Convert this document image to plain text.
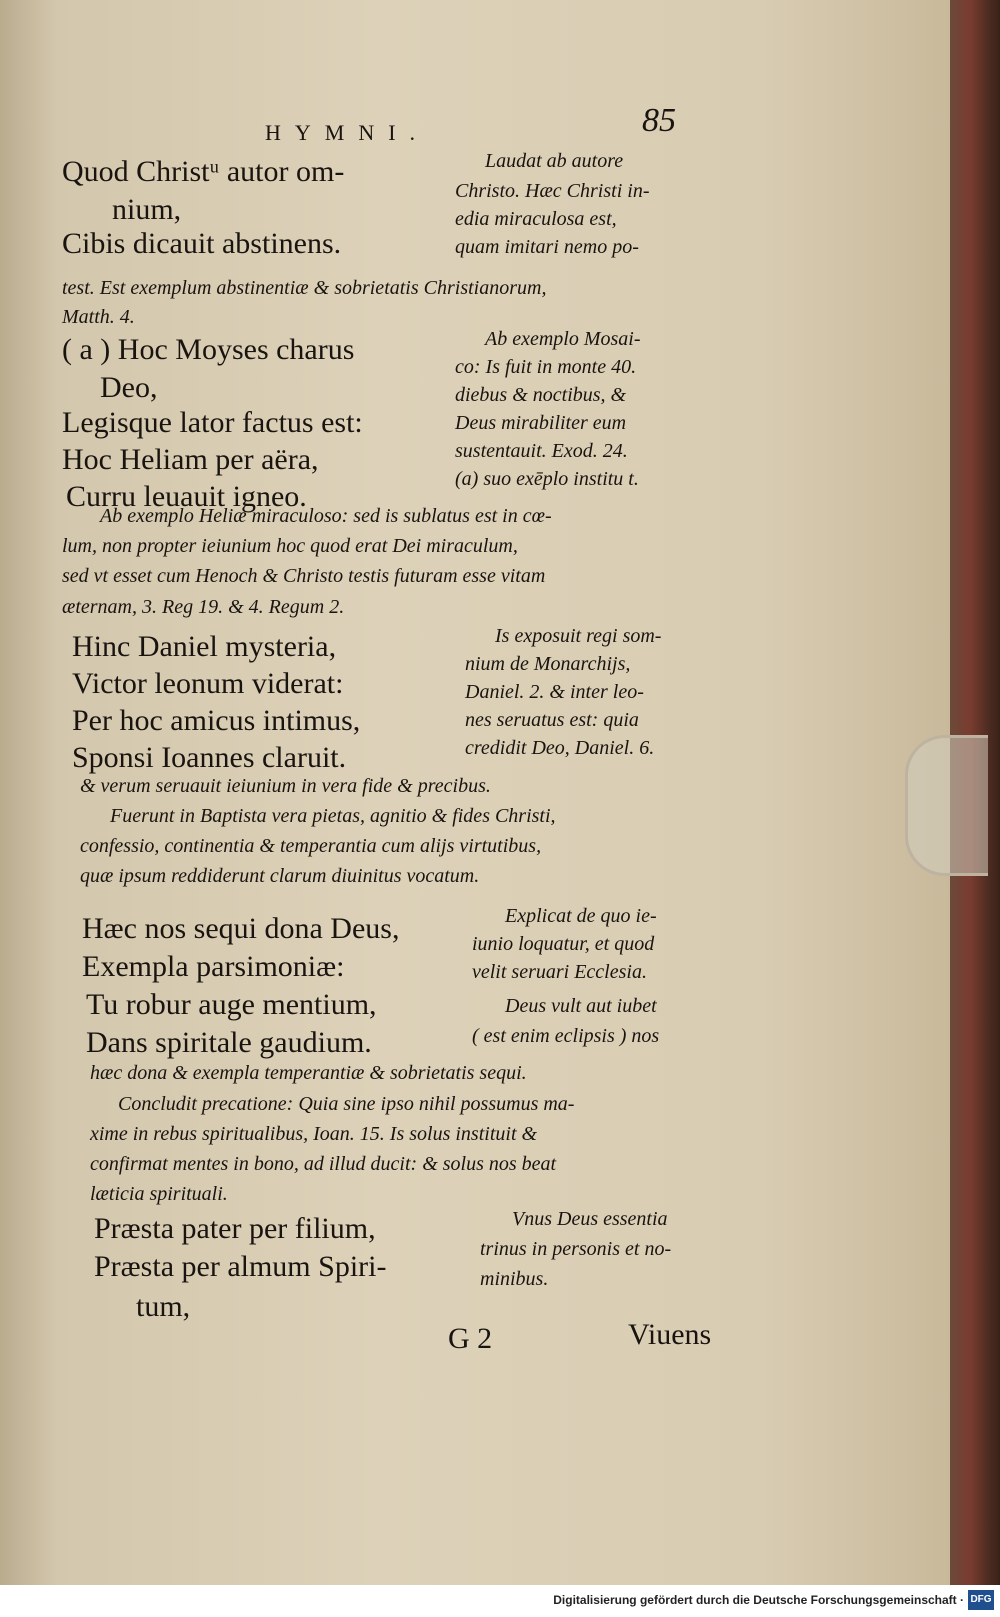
HYMNI.	85
Quod Christᵘ autor om-
nium,
Cibis dicauit abstinens.
Laudat ab autore
Christo. Hæc Christi in-
edia miraculosa est,
quam imitari nemo po-
test. Est exemplum abstinentiæ & sobrietatis Christianorum,
Matth. 4.
( a ) Hoc Moyses charus
Deo,
Legisque lator factus est:
Hoc Heliam per aëra,
Curru leuauit igneo.
Ab exemplo Mosai-
co: Is fuit in monte 40.
diebus & noctibus, &
Deus mirabiliter eum
sustentauit. Exod. 24.
(a) suo exēplo institu t.
Ab exemplo Heliæ miraculoso: sed is sublatus est in cœ-
lum, non propter ieiunium hoc quod erat Dei miraculum,
sed vt esset cum Henoch & Christo testis futuram esse vitam
æternam, 3. Reg 19. & 4. Regum 2.
Hinc Daniel mysteria,
Victor leonum viderat:
Per hoc amicus intimus,
Sponsi Ioannes claruit.
Is exposuit regi som-
nium de Monarchijs,
Daniel. 2. & inter leo-
nes seruatus est: quia
credidit Deo, Daniel. 6.
& verum seruauit ieiunium in vera fide & precibus.
Fuerunt in Baptista vera pietas, agnitio & fides Christi,
confessio, continentia & temperantia cum alijs virtutibus,
quæ ipsum reddiderunt clarum diuinitus vocatum.
Hæc nos sequi dona Deus,
Exempla parsimoniæ:
Tu robur auge mentium,
Dans spiritale gaudium.
Explicat de quo ie-
iunio loquatur, et quod
velit seruari Ecclesia.
Deus vult aut iubet
( est enim eclipsis ) nos
hæc dona & exempla temperantiæ & sobrietatis sequi.
Concludit precatione: Quia sine ipso nihil possumus ma-
xime in rebus spiritualibus, Ioan. 15. Is solus instituit &
confirmat mentes in bono, ad illud ducit: & solus nos beat
læticia spirituali.
Præsta pater per filium,
Præsta per almum Spiri-
tum,
Vnus Deus essentia
trinus in personis et no-
minibus.
G 2	Viuens
Digitalisierung gefördert durch die Deutsche Forschungsgemeinschaft · DFG
